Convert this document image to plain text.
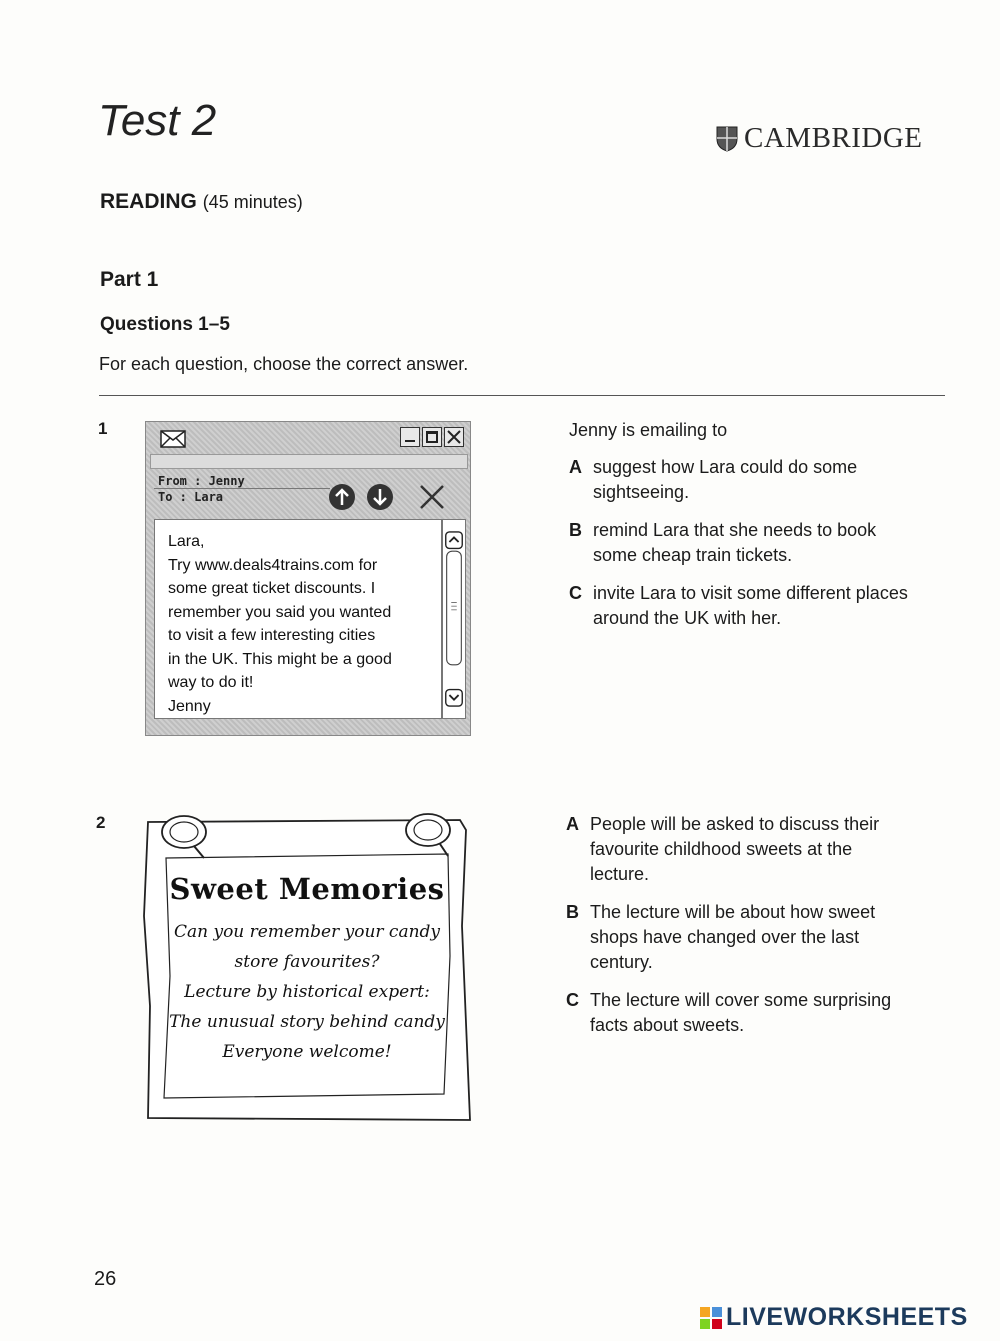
Test 2	CAMBRIDGE
READING (45 minutes)
Part 1
Questions 1–5
For each question, choose the correct answer.
1
From : Jenny
To : Lara
Lara,
Try www.deals4trains.com for
some great ticket discounts. I
remember you said you wanted
to visit a few interesting cities
in the UK. This might be a good
way to do it!
Jenny
Jenny is emailing to
A suggest how Lara could do some
sightseeing.
B remind Lara that she needs to book
some cheap train tickets.
C invite Lara to visit some different places
around the UK with her.
2
Sweet Memories
Can you remember your candy
store favourites?
Lecture by historical expert:
The unusual story behind candy
Everyone welcome!
A People will be asked to discuss their
favourite childhood sweets at the
lecture.
B The lecture will be about how sweet
shops have changed over the last
century.
C The lecture will cover some surprising
facts about sweets.
26
LIVEWORKSHEETS
